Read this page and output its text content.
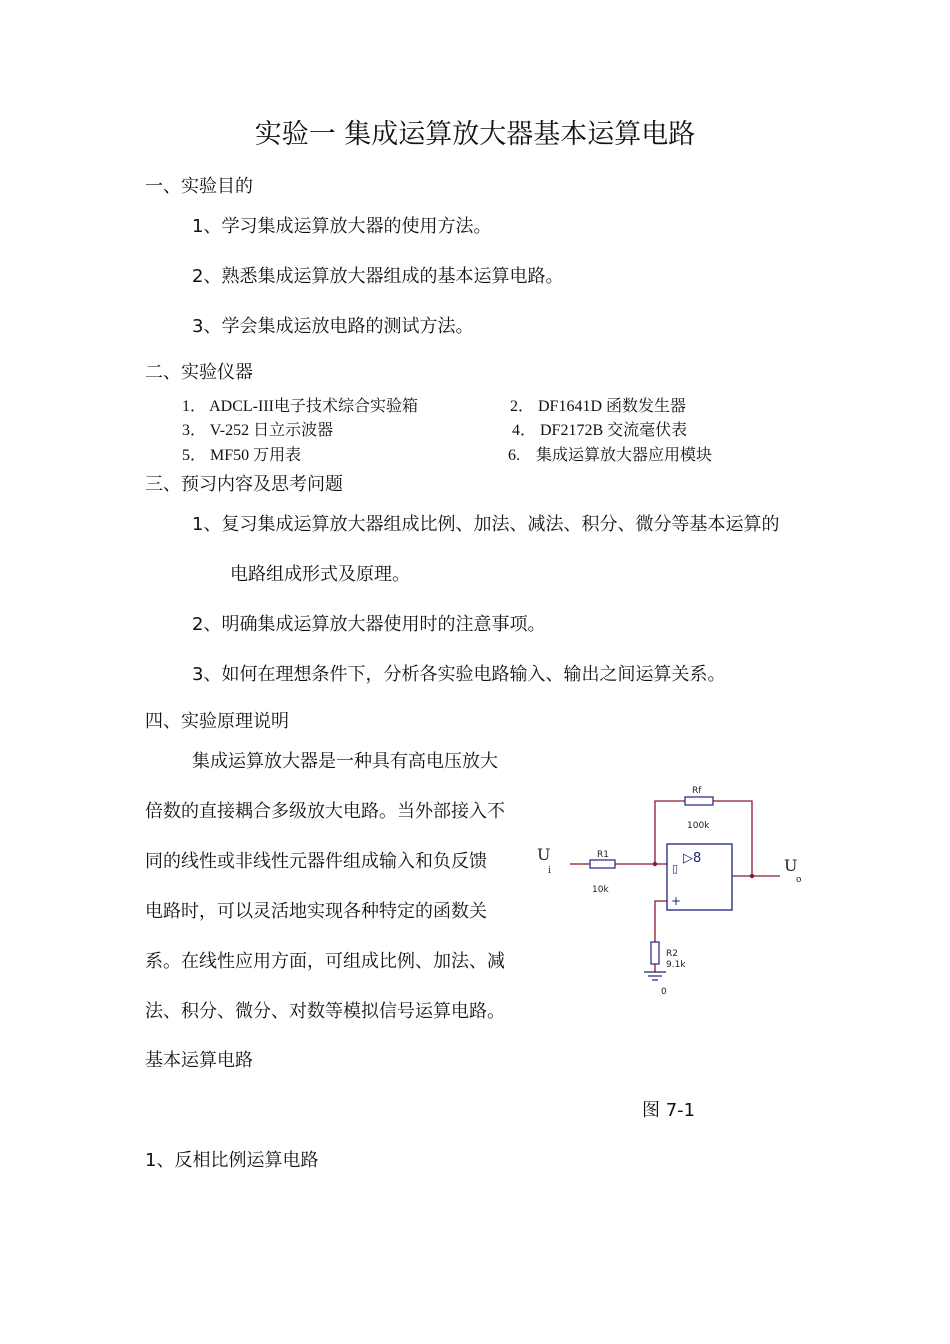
实验一 集成运算放大器基本运算电路
一、实验目的
1、学习集成运算放大器的使用方法。
2、熟悉集成运算放大器组成的基本运算电路。
3、学会集成运放电路的测试方法。
二、实验仪器
1． ADCL-III电子技术综合实验箱	2． DF1641D 函数发生器
3． V-252 日立示波器	4． DF2172B 交流毫伏表
5． MF50 万用表	6.    集成运算放大器应用模块
三、预习内容及思考问题
1、复习集成运算放大器组成比例、加法、减法、积分、微分等基本运算的
电路组成形式及原理。
2、明确集成运算放大器使用时的注意事项。
3、如何在理想条件下，分析各实验电路输入、输出之间运算关系。
四、实验原理说明
集成运算放大器是一种具有高电压放大
倍数的直接耦合多级放大电路。当外部接入不
同的线性或非线性元器件组成输入和负反馈
电路时，可以灵活地实现各种特定的函数关
系。在线性应用方面，可组成比例、加法、减
法、积分、微分、对数等模拟信号运算电路。
基本运算电路
图 7-1
1、反相比例运算电路
Rf
100k
R1
10k
R2
9.1k
0
▯
+
▷8
U
i	U
o
